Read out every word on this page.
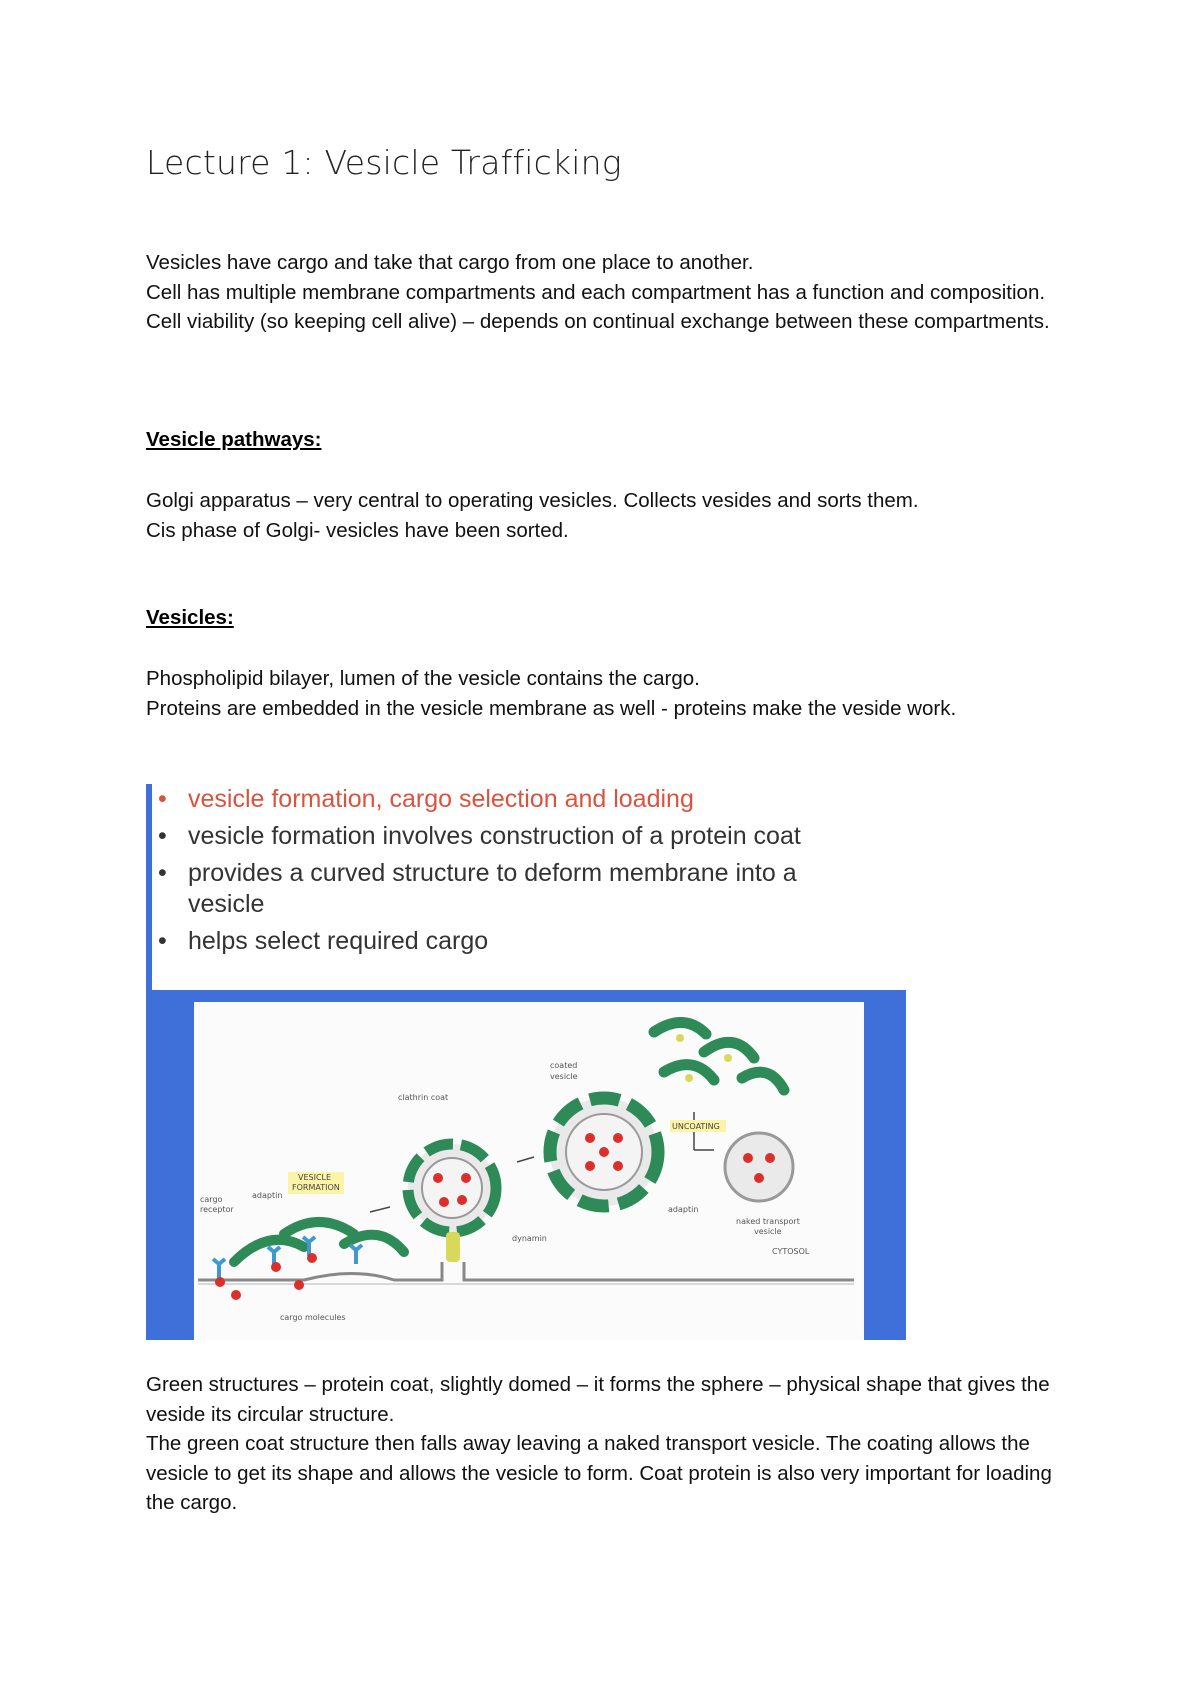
Lecture 1: Vesicle Trafficking

Vesicles have cargo and take that cargo from one place to another.
Cell has multiple membrane compartments and each compartment has a function and composition.
Cell viability (so keeping cell alive) – depends on continual exchange between these compartments.

Vesicle pathways:

Golgi apparatus – very central to operating vesicles. Collects vesides and sorts them.
Cis phase of Golgi- vesicles have been sorted.

Vesicles:

Phospholipid bilayer, lumen of the vesicle contains the cargo.
Proteins are embedded in the vesicle membrane as well - proteins make the veside work.

• vesicle formation, cargo selection and loading
• vesicle formation involves construction of a protein coat
• provides a curved structure to deform membrane into a vesicle
• helps select required cargo
cargo
receptor
adaptin
VESICLE
FORMATION
clathrin coat
coated
vesicle
UNCOATING
adaptin
dynamin
naked transport
vesicle
CYTOSOL
cargo molecules

Green structures – protein coat, slightly domed – it forms the sphere – physical shape that gives the veside its circular structure.
The green coat structure then falls away leaving a naked transport vesicle. The coating allows the vesicle to get its shape and allows the vesicle to form. Coat protein is also very important for loading the cargo.
